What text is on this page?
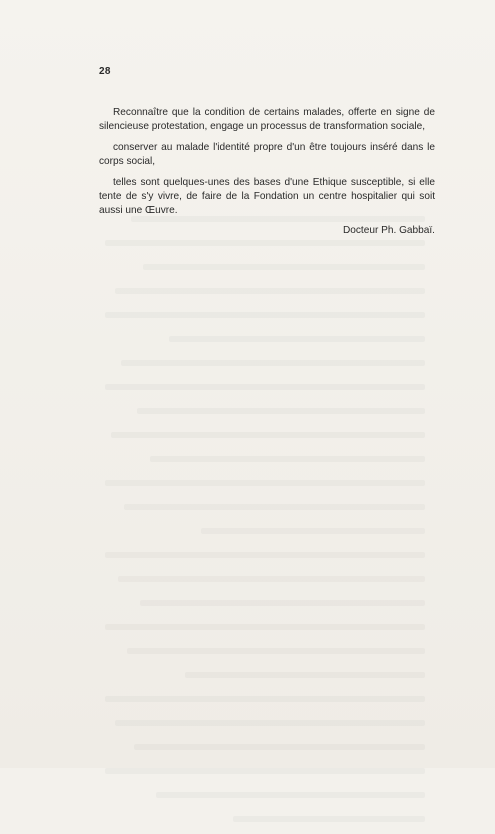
28

Reconnaître que la condition de certains malades, offerte en signe de silencieuse protestation, engage un processus de transformation sociale,

conserver au malade l'identité propre d'un être toujours inséré dans le corps social,

telles sont quelques-unes des bases d'une Ethique susceptible, si elle tente de s'y vivre, de faire de la Fondation un centre hospitalier qui soit aussi une Œuvre.

Docteur Ph. Gabbaï.
